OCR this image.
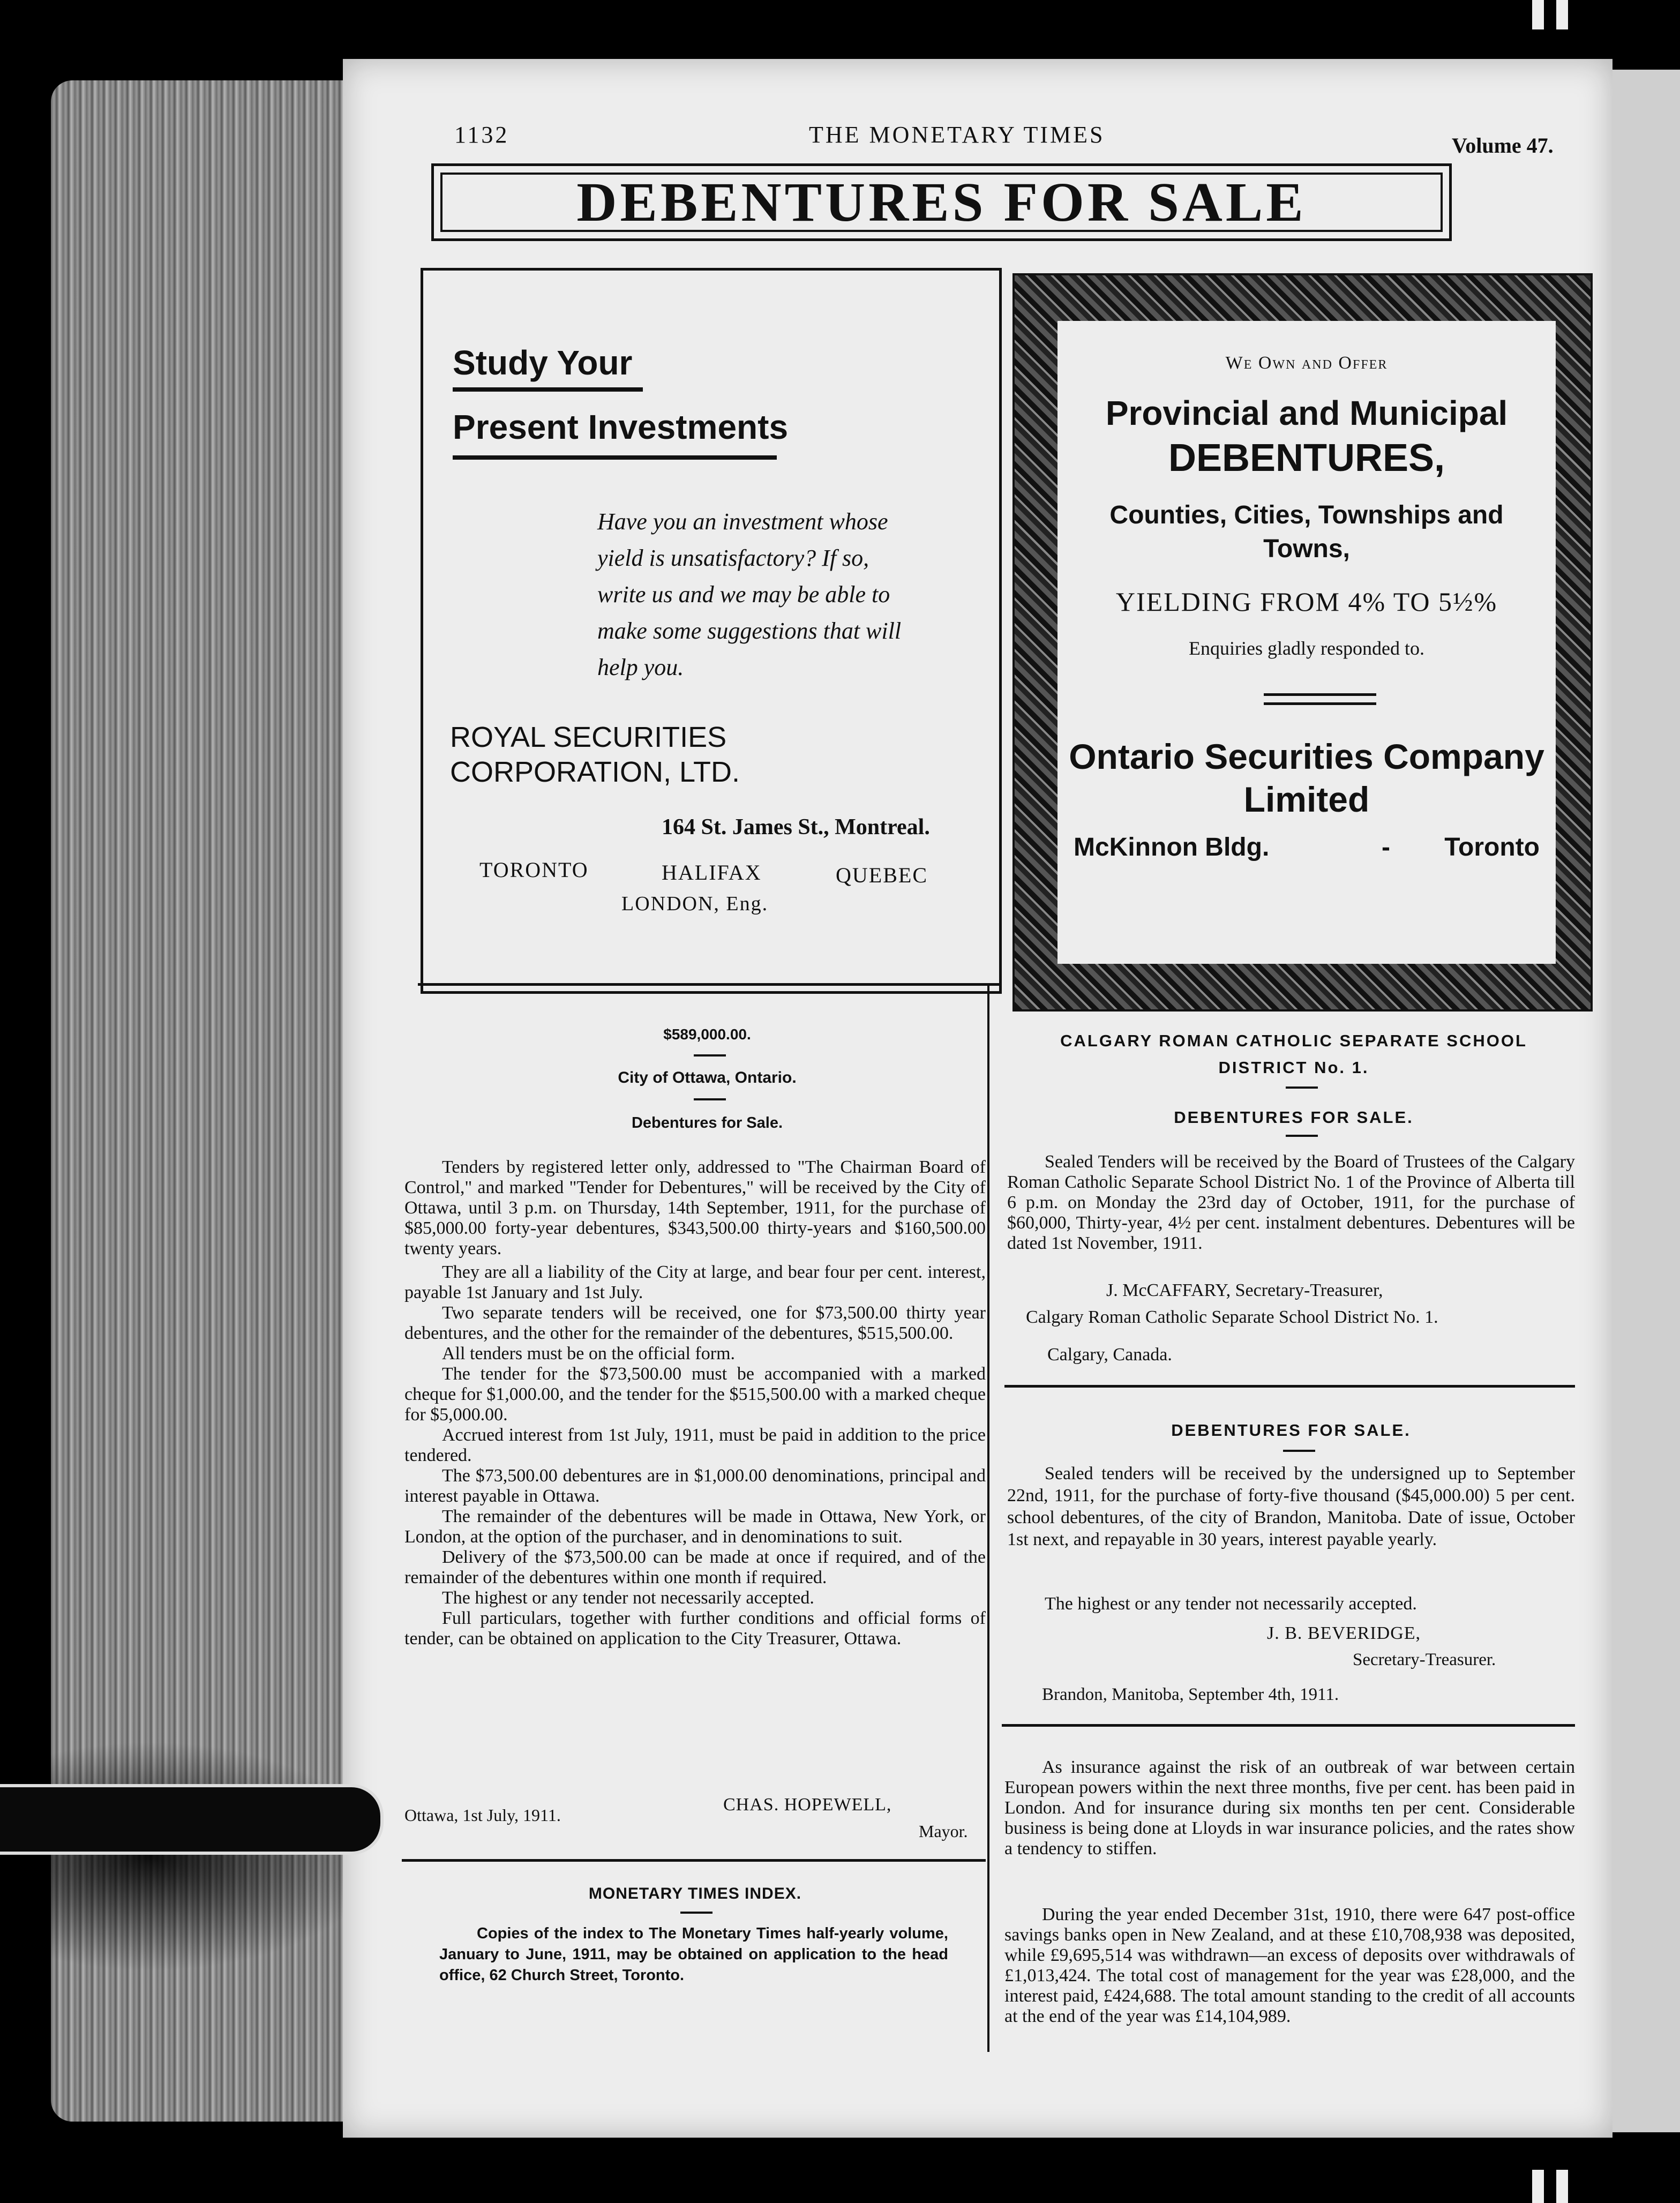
1132	THE MONETARY TIMES	Volume 47.
DEBENTURES FOR SALE
Study Your
Present Investments
Have you an investment whose
yield is unsatisfactory? If so,
write us and we may be able to
make some suggestions that will
help you.
ROYAL SECURITIES
CORPORATION, LTD.
164 St. James St., Montreal.
TORONTO	HALIFAX	QUEBEC
LONDON, Eng.
We Own and Offer
Provincial and Municipal
DEBENTURES,
Counties, Cities, Townships and
Towns,
YIELDING FROM 4% TO 5½%
Enquiries gladly responded to.
Ontario Securities Company
Limited
McKinnon Bldg.	- Toronto
$589,000.00.
City of Ottawa, Ontario.
Debentures for Sale.
Tenders by registered letter only, addressed to "The Chairman Board of Control," and marked "Tender for Debentures," will be received by the City of Ottawa, until 3 p.m. on Thursday, 14th September, 1911, for the purchase of $85,000.00 forty-year debentures, $343,500.00 thirty-years and $160,500.00 twenty years.
They are all a liability of the City at large, and bear four per cent. interest, payable 1st January and 1st July.
Two separate tenders will be received, one for $73,500.00 thirty year debentures, and the other for the remainder of the debentures, $515,500.00.
All tenders must be on the official form.
The tender for the $73,500.00 must be accompanied with a marked cheque for $1,000.00, and the tender for the $515,500.00 with a marked cheque for $5,000.00.
Accrued interest from 1st July, 1911, must be paid in addition to the price tendered.
The $73,500.00 debentures are in $1,000.00 denominations, principal and interest payable in Ottawa.
The remainder of the debentures will be made in Ottawa, New York, or London, at the option of the purchaser, and in denominations to suit.
Delivery of the $73,500.00 can be made at once if required, and of the remainder of the debentures within one month if required.
The highest or any tender not necessarily accepted.
Full particulars, together with further conditions and official forms of tender, can be obtained on application to the City Treasurer, Ottawa.
CHAS. HOPEWELL,
Ottawa, 1st July, 1911.
Mayor.
MONETARY TIMES INDEX.
Copies of the index to The Monetary Times half-yearly volume, January to June, 1911, may be obtained on application to the head office, 62 Church Street, Toronto.
CALGARY ROMAN CATHOLIC SEPARATE SCHOOL
DISTRICT No. 1.
DEBENTURES FOR SALE.
Sealed Tenders will be received by the Board of Trustees of the Calgary Roman Catholic Separate School District No. 1 of the Province of Alberta till 6 p.m. on Monday the 23rd day of October, 1911, for the purchase of $60,000, Thirty-year, 4½ per cent. instalment debentures. Debentures will be dated 1st November, 1911.
J. McCAFFARY, Secretary-Treasurer,
Calgary Roman Catholic Separate School District No. 1.
Calgary, Canada.
DEBENTURES FOR SALE.
Sealed tenders will be received by the undersigned up to September 22nd, 1911, for the purchase of forty-five thousand ($45,000.00) 5 per cent. school debentures, of the city of Brandon, Manitoba. Date of issue, October 1st next, and repayable in 30 years, interest payable yearly.
The highest or any tender not necessarily accepted.
J. B. BEVERIDGE,
Secretary-Treasurer.
Brandon, Manitoba, September 4th, 1911.
As insurance against the risk of an outbreak of war between certain European powers within the next three months, five per cent. has been paid in London. And for insurance during six months ten per cent. Considerable business is being done at Lloyds in war insurance policies, and the rates show a tendency to stiffen.
During the year ended December 31st, 1910, there were 647 post-office savings banks open in New Zealand, and at these £10,708,938 was deposited, while £9,695,514 was withdrawn—an excess of deposits over withdrawals of £1,013,424. The total cost of management for the year was £28,000, and the interest paid, £424,688. The total amount standing to the credit of all accounts at the end of the year was £14,104,989.
